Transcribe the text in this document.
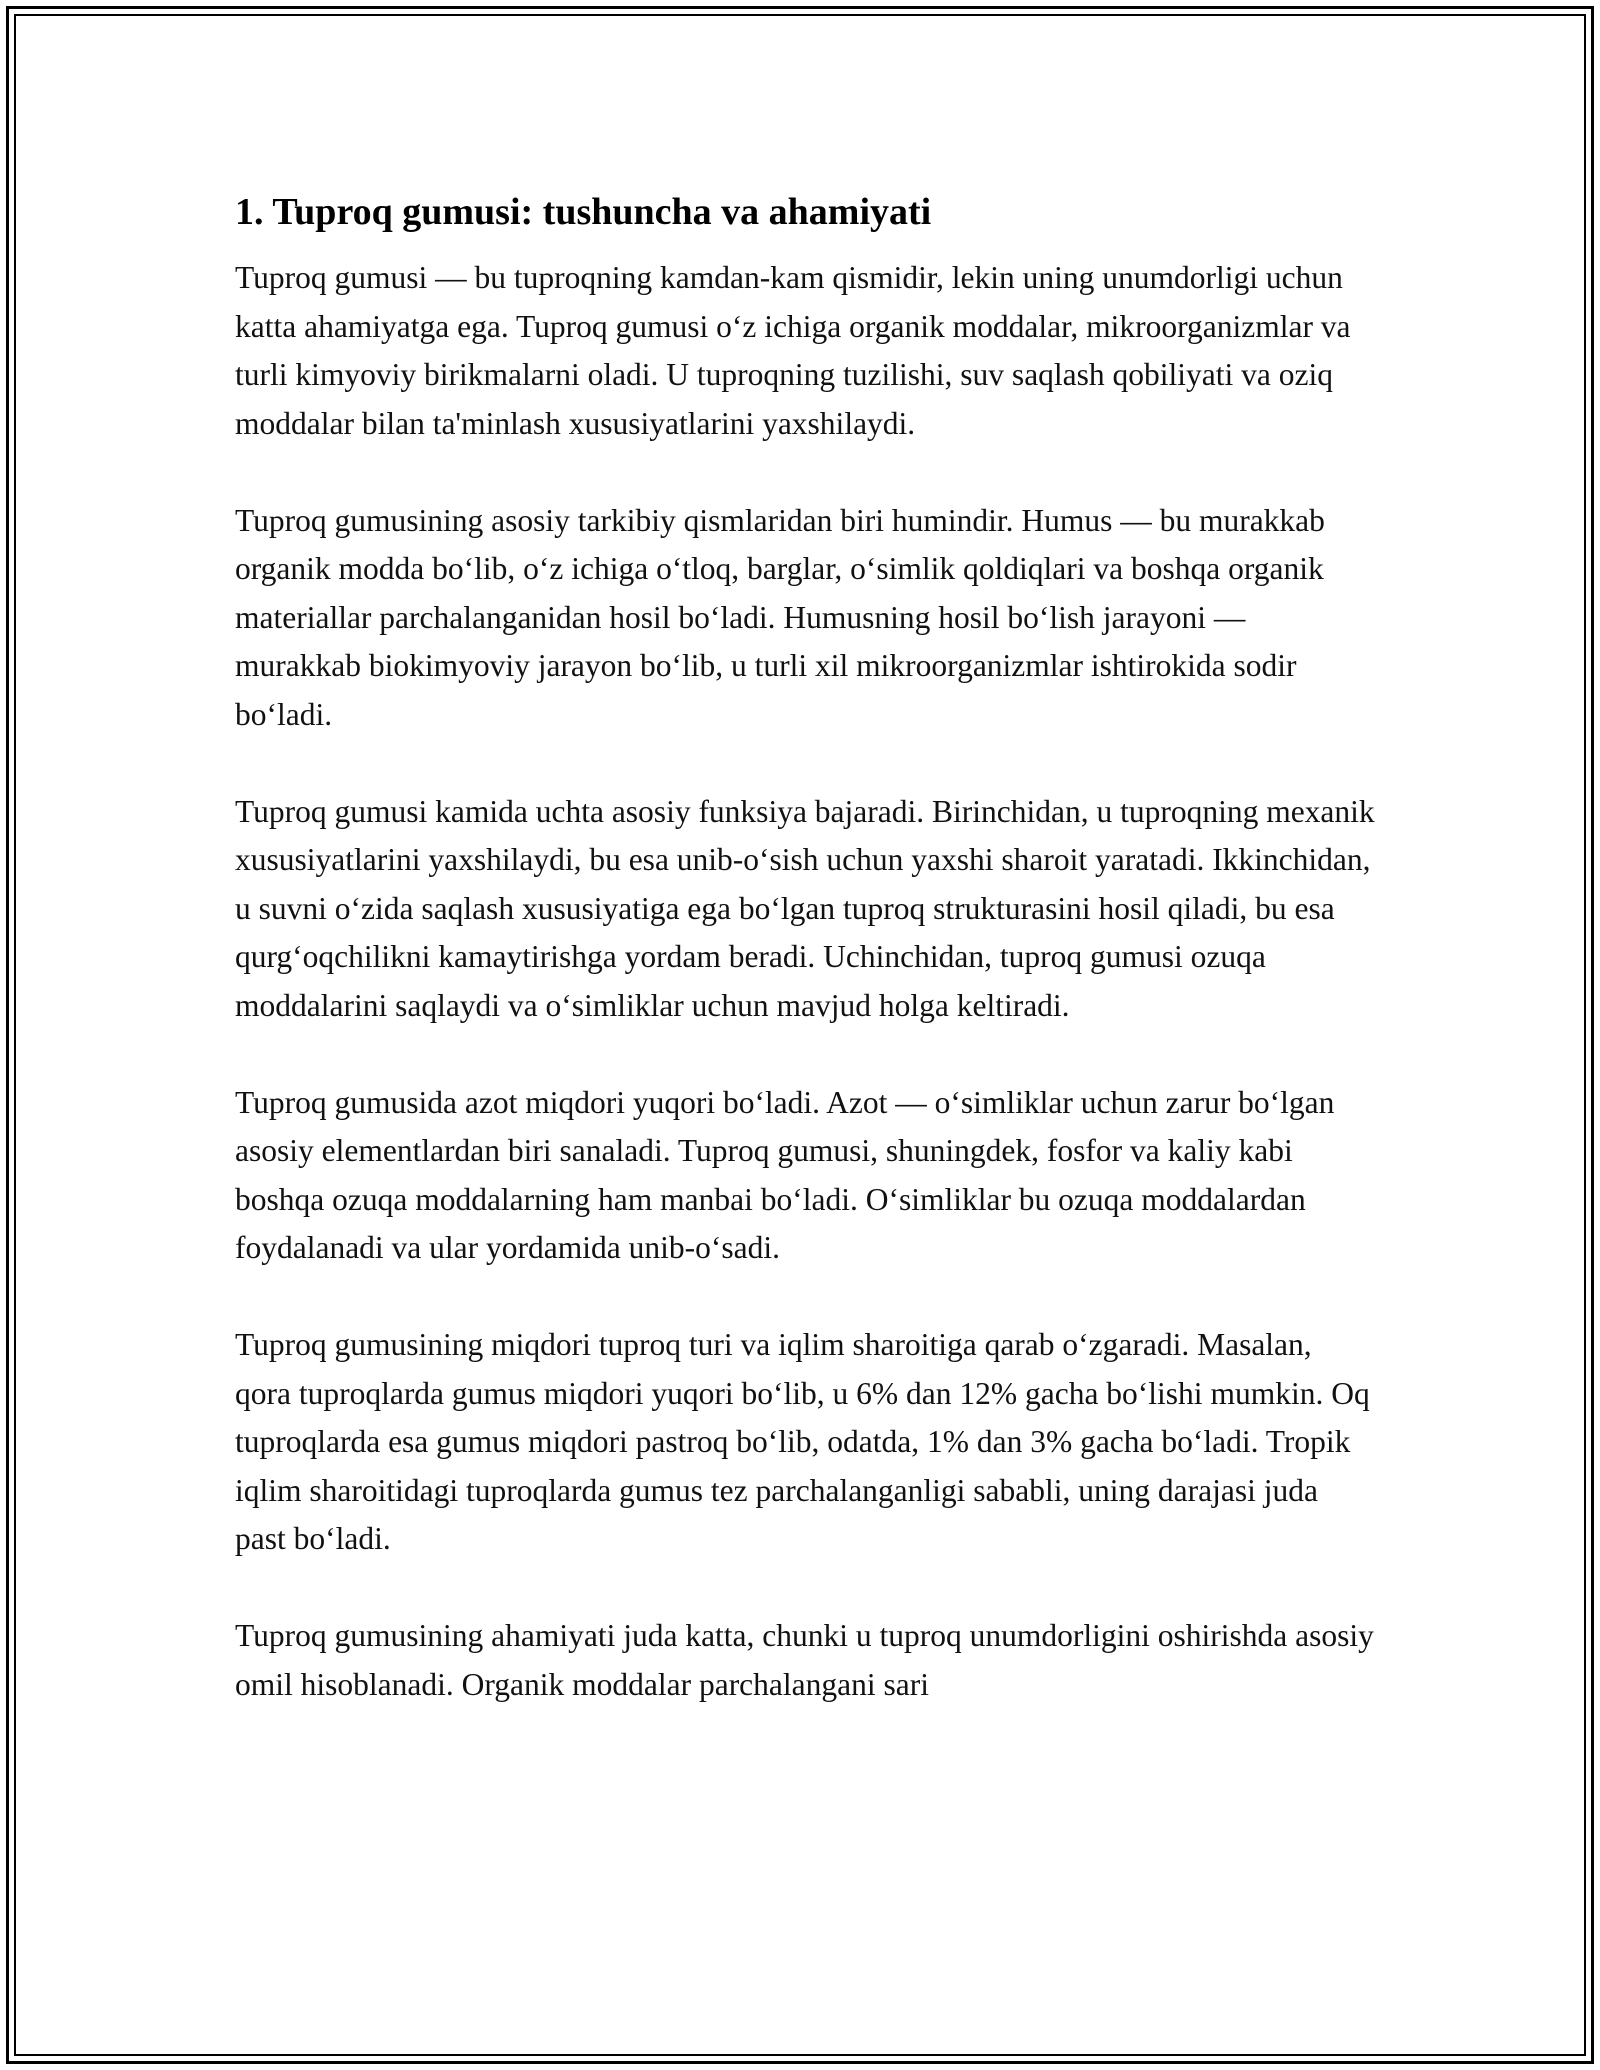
1. Tuproq gumusi: tushuncha va ahamiyati

Tuproq gumusi — bu tuproqning kamdan-kam qismidir, lekin uning unumdorligi uchun katta ahamiyatga ega. Tuproq gumusi o‘z ichiga organik moddalar, mikroorganizmlar va turli kimyoviy birikmalarni oladi. U tuproqning tuzilishi, suv saqlash qobiliyati va oziq moddalar bilan ta'minlash xususiyatlarini yaxshilaydi.

Tuproq gumusining asosiy tarkibiy qismlaridan biri humindir. Humus — bu murakkab organik modda bo‘lib, o‘z ichiga o‘tloq, barglar, o‘simlik qoldiqlari va boshqa organik materiallar parchalanganidan hosil bo‘ladi. Humusning hosil bo‘lish jarayoni — murakkab biokimyoviy jarayon bo‘lib, u turli xil mikroorganizmlar ishtirokida sodir bo‘ladi.

Tuproq gumusi kamida uchta asosiy funksiya bajaradi. Birinchidan, u tuproqning mexanik xususiyatlarini yaxshilaydi, bu esa unib-o‘sish uchun yaxshi sharoit yaratadi. Ikkinchidan, u suvni o‘zida saqlash xususiyatiga ega bo‘lgan tuproq strukturasini hosil qiladi, bu esa qurg‘oqchilikni kamaytirishga yordam beradi. Uchinchidan, tuproq gumusi ozuqa moddalarini saqlaydi va o‘simliklar uchun mavjud holga keltiradi.

Tuproq gumusida azot miqdori yuqori bo‘ladi. Azot — o‘simliklar uchun zarur bo‘lgan asosiy elementlardan biri sanaladi. Tuproq gumusi, shuningdek, fosfor va kaliy kabi boshqa ozuqa moddalarning ham manbai bo‘ladi. O‘simliklar bu ozuqa moddalardan foydalanadi va ular yordamida unib-o‘sadi.

Tuproq gumusining miqdori tuproq turi va iqlim sharoitiga qarab o‘zgaradi. Masalan, qora tuproqlarda gumus miqdori yuqori bo‘lib, u 6% dan 12% gacha bo‘lishi mumkin. Oq tuproqlarda esa gumus miqdori pastroq bo‘lib, odatda, 1% dan 3% gacha bo‘ladi. Tropik iqlim sharoitidagi tuproqlarda gumus tez parchalanganligi sababli, uning darajasi juda past bo‘ladi.

Tuproq gumusining ahamiyati juda katta, chunki u tuproq unumdorligini oshirishda asosiy omil hisoblanadi. Organik moddalar parchalangani sari
